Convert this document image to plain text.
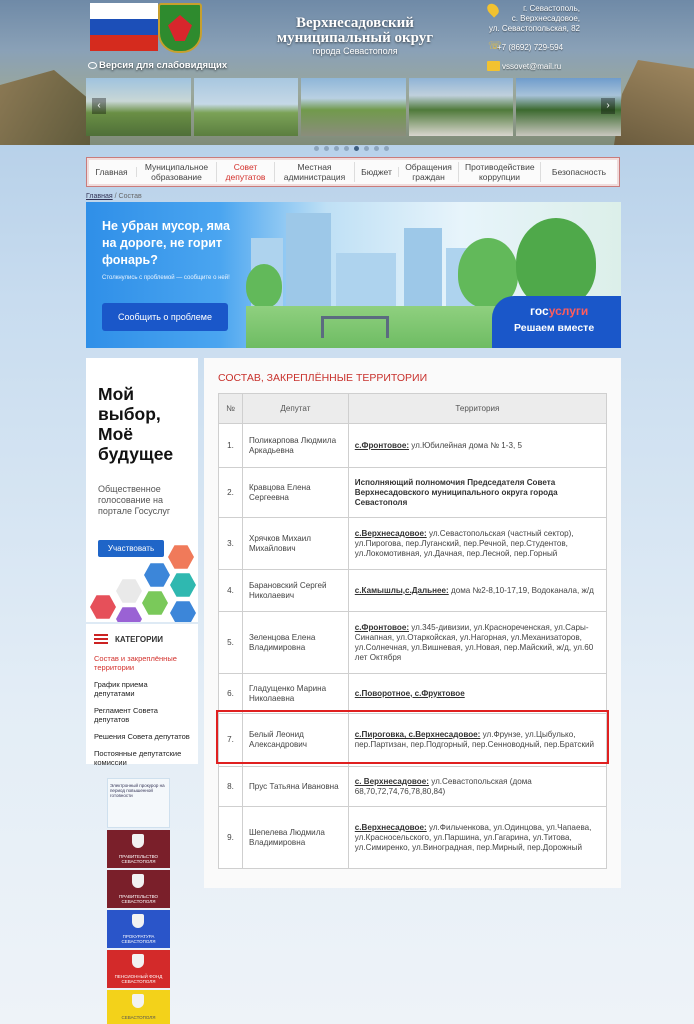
Верхнесадовский
муниципальный округ
города Севастополя
г. Севастополь,
с. Верхнесадовое,
ул. Севастопольская, 82
☏
+7 (8692) 729-594
vssovet@mail.ru
Версия для слабовидящих
‹	›
Главная	Муниципальное образование
Совет депутатов
Местная администрация	Бюджет	Обращения граждан
Противодействие коррупции	Безопасность
Главная / Состав
Не убран мусор, яма на дороге, не горит фонарь?
Столкнулись с проблемой — сообщите о ней!
Сообщить о проблеме	госуслуги
Решаем вместе
Мой
выбор,
Моё
будущее
Общественное голосование на портале Госуслуг
Участвовать
КАТЕГОРИИ
Состав и закреплённые территории
График приема депутатами
Регламент Совета депутатов
Решения Совета депутатов
Постоянные депутатские комиссии
Электронный прокурор на период повышенной готовности
ПРАВИТЕЛЬСТВО СЕВАСТОПОЛЯ
ПРАВИТЕЛЬСТВО СЕВАСТОПОЛЯ
ПРОКУРАТУРА СЕВАСТОПОЛЯ
ПЕНСИОННЫЙ ФОНД СЕВАСТОПОЛЯ
СЕВАСТОПОЛЯ
СОСТАВ, ЗАКРЕПЛЁННЫЕ ТЕРРИТОРИИ
№	Депутат	Территория
1.	Поликарпова Людмила Аркадьевна	с.Фронтовое: ул.Юбилейная дома № 1-3, 5
2.	Кравцова Елена Сергеевна	Исполняющий полномочия Председателя Совета Верхнесадовского муниципального округа города Севастополя
3.	Хрячков Михаил Михайлович	с.Верхнесадовое: ул.Севастопольская (частный сектор), ул.Пирогова, пер.Луганский, пер.Речной, пер.Студентов, ул.Локомотивная, ул.Дачная, пер.Лесной, пер.Горный
4.	Барановский Сергей Николаевич	с.Камышлы,с.Дальнее: дома №2-8,10-17,19, Водоканала, ж/д
5.	Зеленцова Елена Владимировна	с.Фронтовое: ул.345-дивизии, ул.Краснореченская, ул.Сары-Синапная, ул.Отаркойская, ул.Нагорная, ул.Механизаторов, ул.Солнечная, ул.Вишневая, ул.Новая, пер.Майский, ж/д, ул.60 лет Октября
6.	Гладущенко Марина Николаевна	с.Поворотное, с.Фруктовое
7.	Белый Леонид Александрович	с.Пироговка, с.Верхнесадовое: ул.Фрунзе, ул.Цыбулько, пер.Партизан, пер.Подгорный, пер.Сенноводный, пер.Братский
8.	Прус Татьяна Ивановна	с. Верхнесадовое: ул.Севастопольская (дома 68,70,72,74,76,78,80,84)
9.	Шепелева Людмила Владимировна	с.Верхнесадовое: ул.Фильченкова, ул.Одинцова, ул.Чапаева, ул.Красносельского, ул.Паршина, ул.Гагарина, ул.Титова, ул.Симиренко, ул.Виноградная, пер.Мирный, пер.Дорожный
